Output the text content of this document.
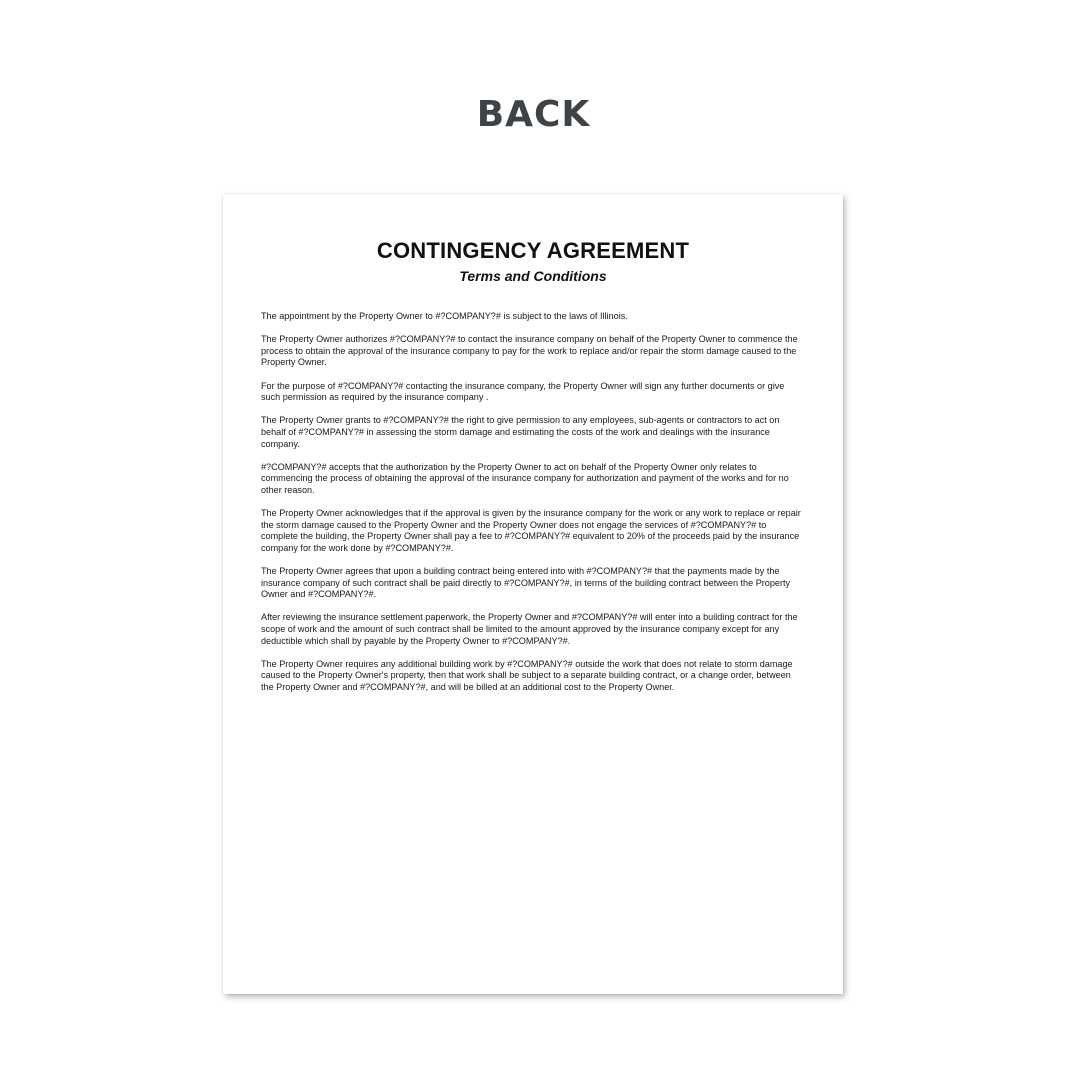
BACK
CONTINGENCY AGREEMENT
Terms and Conditions

The appointment by the Property Owner to #?COMPANY?# is subject to the laws of Illinois.

The Property Owner authorizes #?COMPANY?# to contact the insurance company on behalf of the Property Owner to commence the process to obtain the approval of the insurance company to pay for the work to replace and/or repair the storm damage caused to the Property Owner.

For the purpose of #?COMPANY?# contacting the insurance company, the Property Owner will sign any further documents or give such permission as required by the insurance company .

The Property Owner grants to #?COMPANY?# the right to give permission to any employees, sub-agents or contractors to act on behalf of #?COMPANY?# in assessing the storm damage and estimating the costs of the work and dealings with the insurance company.

#?COMPANY?# accepts that the authorization by the Property Owner to act on behalf of the Property Owner only relates to commencing the process of obtaining the approval of the insurance company for authorization and payment of the works and for no other reason.

The Property Owner acknowledges that if the approval is given by the insurance company for the work or any work to replace or repair the storm damage caused to the Property Owner and the Property Owner does not engage the services of #?COMPANY?# to complete the building, the Property Owner shall pay a fee to #?COMPANY?# equivalent to 20% of the proceeds paid by the insurance company for the work done by #?COMPANY?#.

The Property Owner agrees that upon a building contract being entered into with #?COMPANY?# that the payments made by the insurance company of such contract shall be paid directly to #?COMPANY?#, in terms of the building contract between the Property Owner and #?COMPANY?#.

After reviewing the insurance settlement paperwork, the Property Owner and #?COMPANY?# will enter into a building contract for the scope of work and the amount of such contract shall be limited to the amount approved by the insurance company except for any deductible which shall by payable by the Property Owner to #?COMPANY?#.

The Property Owner requires any additional building work by #?COMPANY?# outside the work that does not relate to storm damage caused to the Property Owner's property, then that work shall be subject to a separate building contract, or a change order, between the Property Owner and #?COMPANY?#, and will be billed at an additional cost to the Property Owner.
